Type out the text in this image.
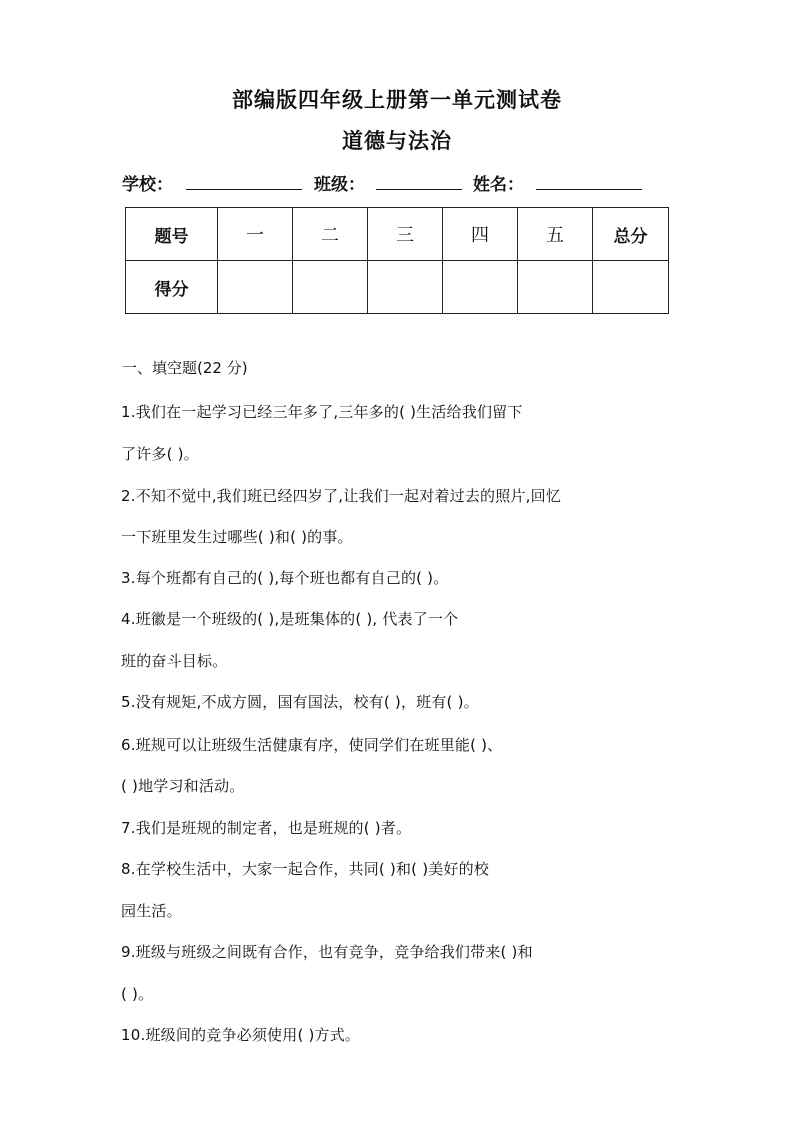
部编版四年级上册第一单元测试卷
道德与法治
学校：	班级：	姓名：
题号	一	二	三	四	五	总分
得分						
一、填空题(22 分)
1.我们在一起学习已经三年多了,三年多的( )生活给我们留下
了许多( )。
2.不知不觉中,我们班已经四岁了,让我们一起对着过去的照片,回忆
一下班里发生过哪些( )和( )的事。
3.每个班都有自己的( ),每个班也都有自己的( )。
4.班徽是一个班级的( ),是班集体的( ), 代表了一个
班的奋斗目标。
5.没有规矩,不成方圆，国有国法，校有( )，班有( )。
6.班规可以让班级生活健康有序，使同学们在班里能( )、
( )地学习和活动。
7.我们是班规的制定者，也是班规的( )者。
8.在学校生活中，大家一起合作，共同( )和( )美好的校
园生活。
9.班级与班级之间既有合作，也有竞争，竞争给我们带来( )和
( )。
10.班级间的竞争必须使用( )方式。
